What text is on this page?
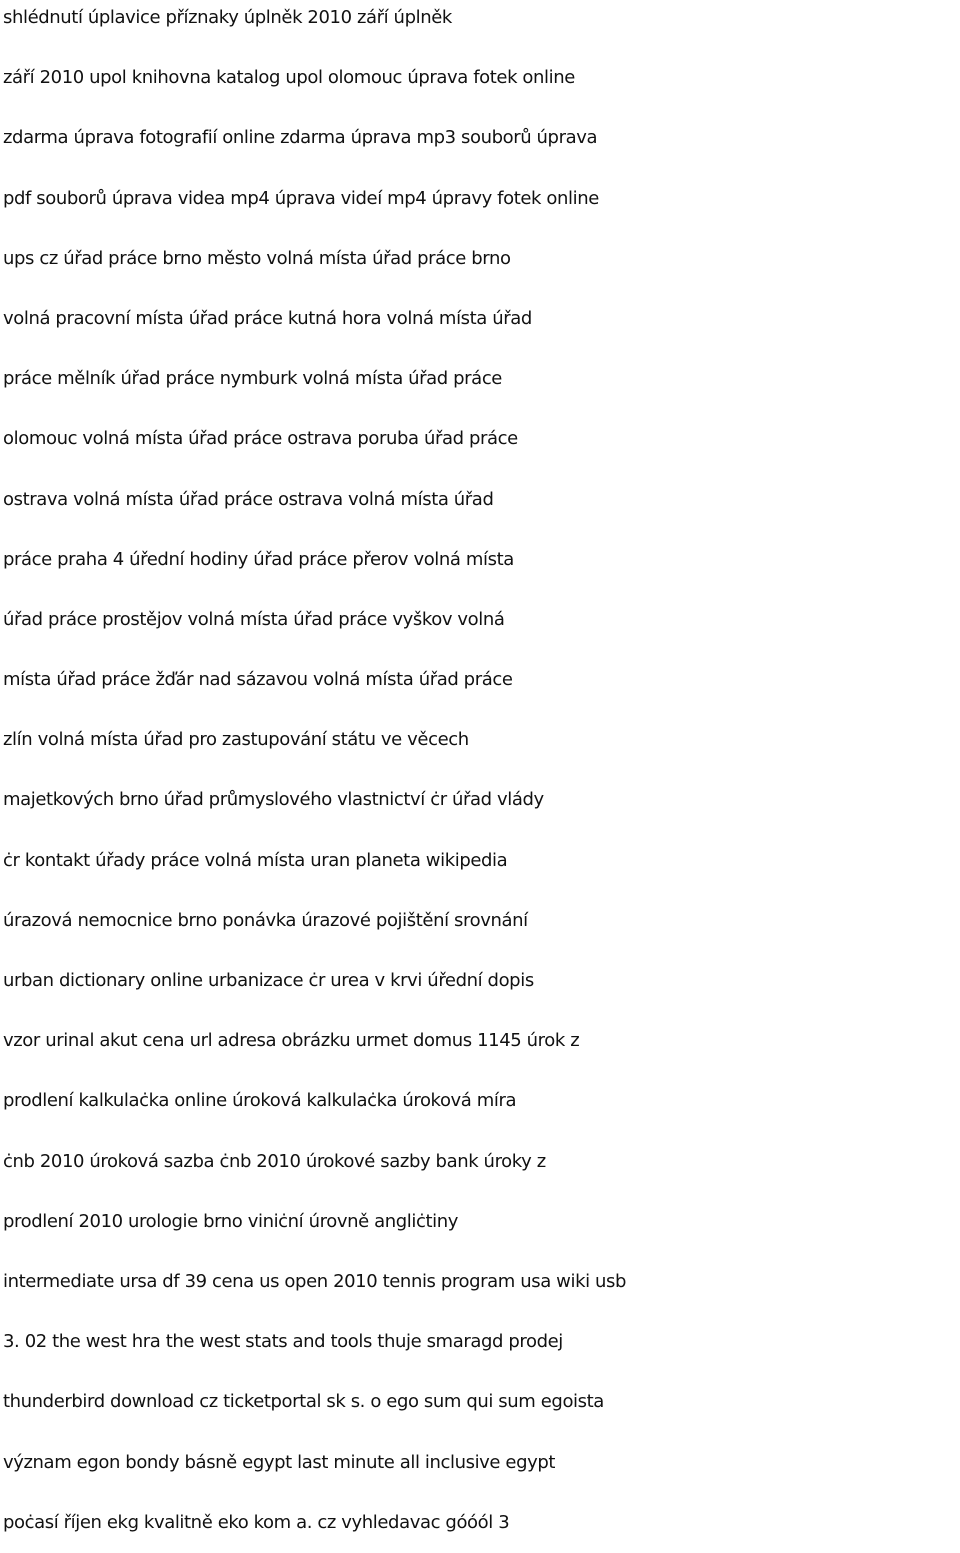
shlédnutí úplavice příznaky úplněk 2010 září úplněk

září 2010 upol knihovna katalog upol olomouc úprava fotek online

zdarma úprava fotografií online zdarma úprava mp3 souborů úprava

pdf souborů úprava videa mp4 úprava videí mp4 úpravy fotek online

ups cz úřad práce brno město volná místa úřad práce brno

volná pracovní místa úřad práce kutná hora volná místa úřad

práce mělník úřad práce nymburk volná místa úřad práce

olomouc volná místa úřad práce ostrava poruba úřad práce

ostrava volná místa úřad práce ostrava volná místa úřad

práce praha 4 úřední hodiny úřad práce přerov volná místa

úřad práce prostějov volná místa úřad práce vyškov volná

místa úřad práce žďár nad sázavou volná místa úřad práce

zlín volná místa úřad pro zastupování státu ve věcech

majetkových brno úřad průmyslového vlastnictví ċr úřad vlády

ċr kontakt úřady práce volná místa uran planeta wikipedia

úrazová nemocnice brno ponávka úrazové pojištění srovnání

urban dictionary online urbanizace ċr urea v krvi úřední dopis

vzor urinal akut cena url adresa obrázku urmet domus 1145 úrok z

prodlení kalkulaċka online úroková kalkulaċka úroková míra

ċnb 2010 úroková sazba ċnb 2010 úrokové sazby bank úroky z

prodlení 2010 urologie brno viniċní úrovně angliċtiny

intermediate ursa df 39 cena us open 2010 tennis program usa wiki usb

3. 02 the west hra the west stats and tools thuje smaragd prodej

thunderbird download cz ticketportal sk s. o ego sum qui sum egoista

význam egon bondy básně egypt last minute all inclusive egypt

poċasí říjen ekg kvalitně eko kom a. cz vyhledavac góóól 3
